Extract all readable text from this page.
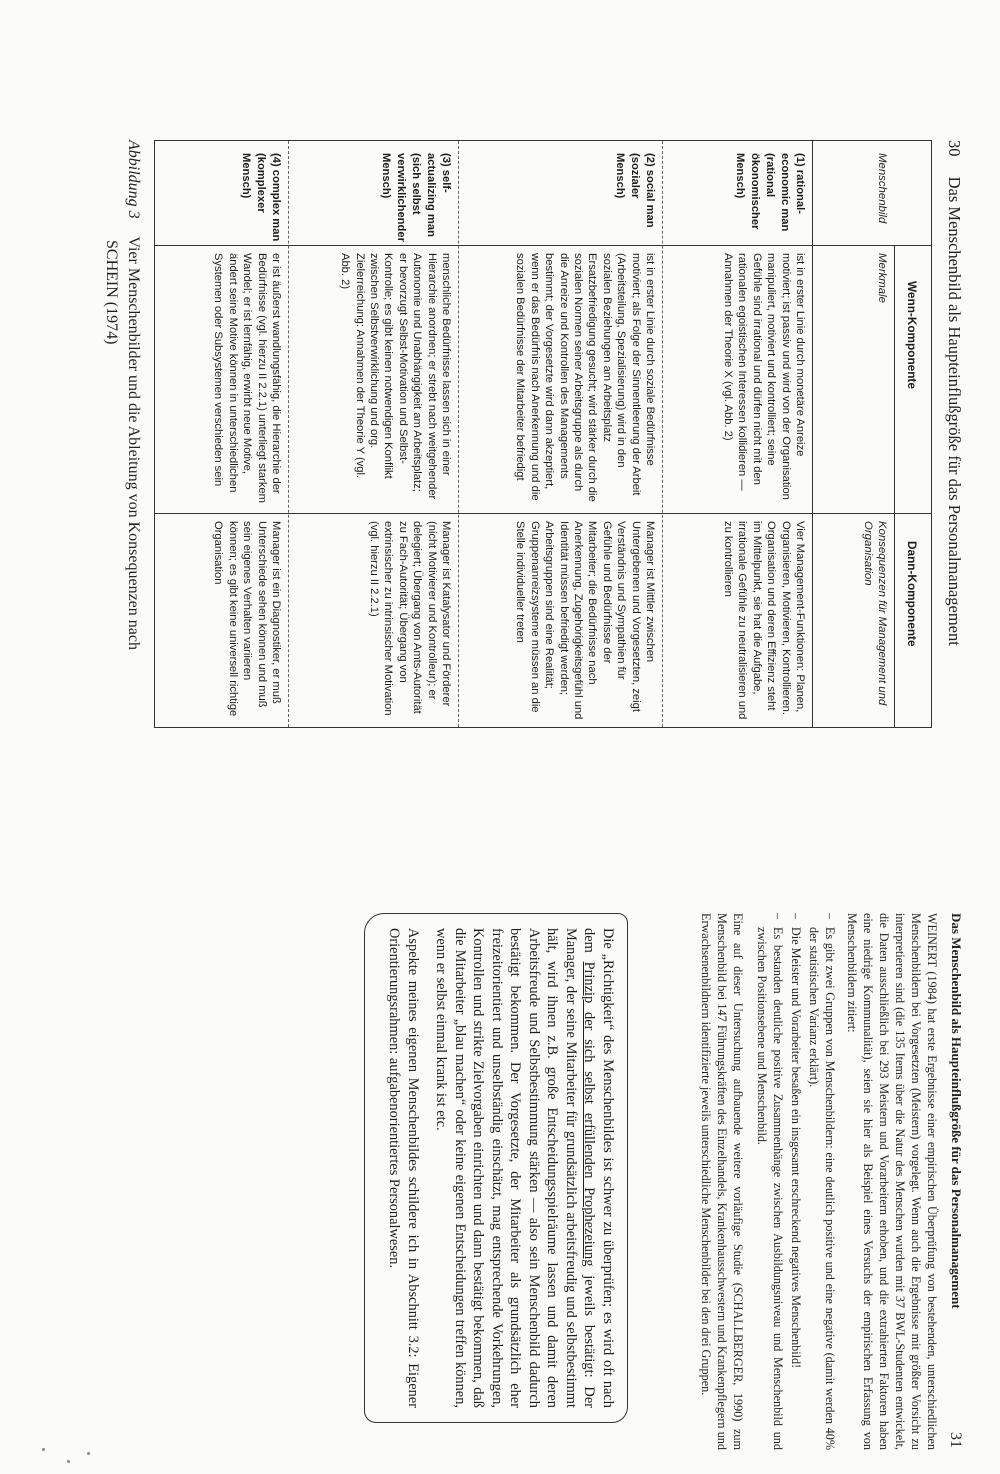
30 Das Menschenbild als Haupteinflußgröße für das Personalmanagement
Wenn-Komponente
Dann-Komponente
Menschenbild
Merkmale
Konsequenzen für Management und Organisation
(1) rational-economic man (rational ökonomischer Mensch)
ist in erster Linie durch monetäre Anreize motiviert; ist passiv und wird von der Organisation manipuliert, motiviert und kontrolliert; seine Gefühle sind irrational und dürfen nicht mit den rationalen egoistischen Interessen kollidieren — Annahmen der Theorie X (vgl. Abb. 2)
Vier Management-Funktionen: Planen, Organisieren, Motivieren, Kontrollieren. Organisation und deren Effizienz steht im Mittelpunkt, sie hat die Aufgabe, irrationale Gefühle zu neutralisieren und zu kontrollieren
(2) social man (sozialer Mensch)
ist in erster Linie durch soziale Bedürfnisse motiviert; als Folge der Sinnentleerung der Arbeit (Arbeitsteilung, Spezialisierung) wird in den sozialen Beziehungen am Arbeitsplatz Ersatzbefriedigung gesucht; wird stärker durch die sozialen Normen seiner Arbeitsgruppe als durch die Anreize und Kontrollen des Managements bestimmt; der Vorgesetzte wird dann akzeptiert, wenn er das Bedürfnis nach Anerkennung und die sozialen Bedürfnisse der Mitarbeiter befriedigt
Manager ist Mittler zwischen Untergebenen und Vorgesetzten, zeigt Verständnis und Sympathien für Gefühle und Bedürfnisse der Mitarbeiter; die Bedürfnisse nach Anerkennung, Zugehörigkeitsgefühl und Identität müssen befriedigt werden; Arbeitsgruppen sind eine Realität; Gruppenanreizsysteme müssen an die Stelle individueller treten
(3) self-actualizing man (sich selbst verwirklichender Mensch)
menschliche Bedürfnisse lassen sich in einer Hierarchie anordnen; er strebt nach weitgehender Autonomie und Unabhängigkeit am Arbeitsplatz; er bevorzugt Selbst-Motivation und Selbst-Kontrolle; es gibt keinen notwendigen Konflikt zwischen Selbstverwirklichung und org. Zielerreichung: Annahmen der Theorie Y (vgl. Abb. 2)
Manager ist Katalysator und Förderer (nicht Motivierer und Kontrolleur); er delegiert; Übergang von Amts-Autorität zu Fach-Autorität; Übergang von extrinsischer zu intrinsischer Motivation (vgl. hierzu II 2.2.1)
(4) complex man (komplexer Mensch)
er ist äußerst wandlungsfähig, die Hierarchie der Bedürfnisse (vgl. hierzu II 2.2.1) unterliegt starkem Wandel; er ist lernfähig, erwirbt neue Motive, ändert seine Motive können in unterschiedlichen Systemen oder Subsystemen verschieden sein
Manager ist ein Diagnostiker, er muß Unterschiede sehen können und muß sein eigenes Verhalten variieren können; es gibt keine universell richtige Organisation
Abbildung 3 Vier Menschenbilder und die Ableitung von Konsequenzen nach
SCHEIN (1974)
Das Menschenbild als Haupteinflußgröße für das Personalmanagement
31

WEINERT (1984) hat erste Ergebnisse einer empirischen Überprüfung von bestehenden, unterschiedlichen Menschenbildern bei Vorgesetzten (Meistern) vorgelegt. Wenn auch die Ergebnisse mit größter Vorsicht zu interpretieren sind (die 135 Items über die Natur des Menschen wurden mit 37 BWL-Studenten entwickelt, die Daten ausschließlich bei 293 Meistern und Vorarbeitern erhoben, und die extrahierten Faktoren haben eine niedrige Kommunalität), seien sie hier als Beispiel eines Versuchs der empirischen Erfassung von Menschenbildern zitiert:

– Es gibt zwei Gruppen von Menschenbildern: eine deutlich positive und eine negative (damit werden 40% der statistischen Varianz erklärt).
– Die Meister und Vorarbeiter besaßen ein insgesamt erschreckend negatives Menschenbild!
– Es bestanden deutliche positive Zusammenhänge zwischen Ausbildungsniveau und Menschenbild und zwischen Positionsebene und Menschenbild.

Eine auf dieser Untersuchung aufbauende weitere vorläufige Studie (SCHALLBERGER, 1990) zum Menschenbild bei 147 Führungskräften des Einzelhandels, Krankenhausschwestern und Krankenpflegern und Erwachsenenbildnern identifizierte jeweils unterschiedliche Menschenbilder bei den drei Gruppen.

Die „Richtigkeit“ des Menschenbildes ist schwer zu überprüfen; es wird oft nach dem Prinzip der sich selbst erfüllenden Prophezeiung jeweils bestätigt: Der Manager, der seine Mitarbeiter für grundsätzlich arbeitsfreudig und selbstbestimmt hält, wird ihnen z.B. große Entscheidungsspielräume lassen und damit deren Arbeitsfreude und Selbstbestimmung stärken — also sein Menschenbild dadurch bestätigt bekommen. Der Vorgesetzte, der Mitarbeiter als grundsätzlich eher freizeitorientiert und unselbständig einschätzt, mag entsprechende Vorkehrungen, Kontrollen und strikte Zielvorgaben einrichten und dann bestätigt bekommen, daß die Mitarbeiter „blau machen“ oder keine eigenen Entscheidungen treffen können, wenn er selbst einmal krank ist etc.

Aspekte meines eigenen Menschenbildes schildere ich in Abschnitt 3.2: Eigener Orientierungsrahmen: aufgabenorientiertes Personalwesen.
